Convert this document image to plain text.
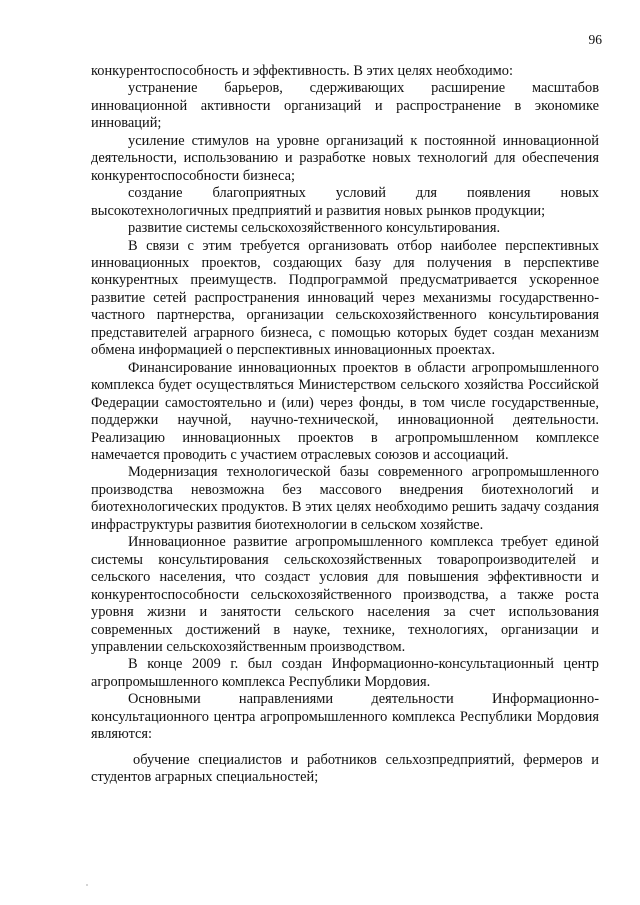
96

конкурентоспособность и эффективность. В этих целях необходимо:

устранение барьеров, сдерживающих расширение масштабов инновационной активности организаций и распространение в экономике инноваций;

усиление стимулов на уровне организаций к постоянной инновационной деятельности, использованию и разработке новых технологий для обеспечения конкурентоспособности бизнеса;

создание благоприятных условий для появления новых высокотехнологичных предприятий и развития новых рынков продукции;

развитие системы сельскохозяйственного консультирования.

В связи с этим требуется организовать отбор наиболее перспективных инновационных проектов, создающих базу для получения в перспективе конкурентных преимуществ. Подпрограммой предусматривается ускоренное развитие сетей распространения инноваций через механизмы государственно-частного партнерства, организации сельскохозяйственного консультирования представителей аграрного бизнеса, с помощью которых будет создан механизм обмена информацией о перспективных инновационных проектах.

Финансирование инновационных проектов в области агропромышленного комплекса будет осуществляться Министерством сельского хозяйства Российской Федерации самостоятельно и (или) через фонды, в том числе государственные, поддержки научной, научно-технической, инновационной деятельности. Реализацию инновационных проектов в агропромышленном комплексе намечается проводить с участием отраслевых союзов и ассоциаций.

Модернизация технологической базы современного агропромышленного производства невозможна без массового внедрения биотехнологий и биотехнологических продуктов. В этих целях необходимо решить задачу создания инфраструктуры развития биотехнологии в сельском хозяйстве.

Инновационное развитие агропромышленного комплекса требует единой системы консультирования сельскохозяйственных товаропроизводителей и сельского населения, что создаст условия для повышения эффективности и конкурентоспособности сельскохозяйственного производства, а также роста уровня жизни и занятости сельского населения за счет использования современных достижений в науке, технике, технологиях, организации и управлении сельскохозяйственным производством.

В конце 2009 г. был создан Информационно-консультационный центр агропромышленного комплекса Республики Мордовия.

Основными направлениями деятельности Информационно-консультационного центра агропромышленного комплекса Республики Мордовия являются:

обучение специалистов и работников сельхозпредприятий, фермеров и студентов аграрных специальностей;
